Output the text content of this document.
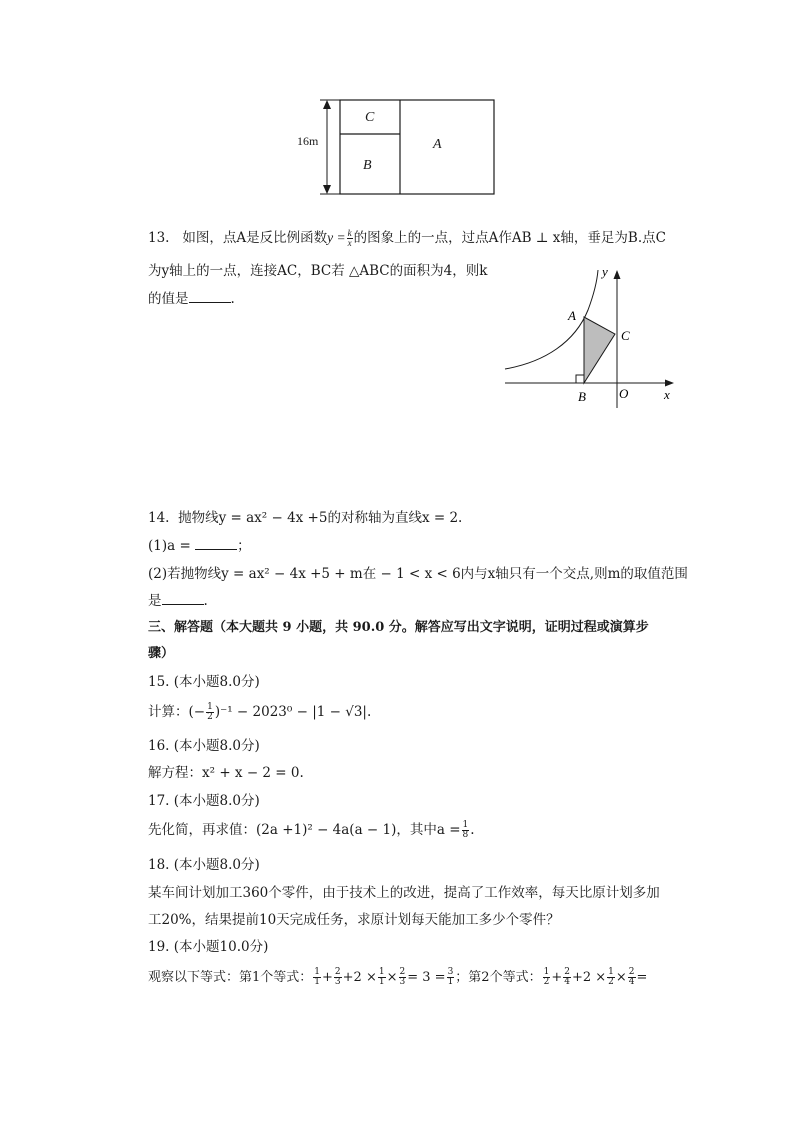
16m
C
B
A
13. 如图，点A是反比例函数$y = \frac{k}{x}$ 的图象上的一点，过点A作AB ⊥ x轴，垂足为B.点C
为y轴上的一点，连接AC，BC若 △ABC的面积为4，则k
的值是	.
y
x
A
B
C
O
14. 抛物线y = ax² − 4x +5的对称轴为直线x = 2.
(1)a =	；
(2)若抛物线y = ax² − 4x +5 + m在 − 1 < x < 6内与x轴只有一个交点,则m的取值范围
是	.
三、解答题（本大题共 9 小题，共 90.0 分。解答应写出文字说明，证明过程或演算步
骤）
15. (本小题8.0分)
计算：(− $\frac{1}{2} )^{-1} - 2023^0 - |1 - √3|$.
16. (本小题8.0分)
解方程：x² + x − 2 = 0.
17. (本小题8.0分)
先化简，再求值：(2a +1)² − 4a(a − 1)，其中$a = \frac{1}{8}$ .
18. (本小题8.0分)
某车间计划加工360个零件，由于技术上的改进，提高了工作效率，每天比原计划多加
工20%，结果提前10天完成任务，求原计划每天能加工多少个零件？
19. (本小题10.0分)
观察以下等式：第1个等式： $\frac{1}{1} + \frac{2}{3} +2 \times \frac{1}{1} \times \frac{2}{3} = 3 = \frac{3}{1}$ ；第2个等式： $\frac{1}{2} + \frac{2}{4} +2 \times \frac{1}{2} \times \frac{2}{4}$ =
